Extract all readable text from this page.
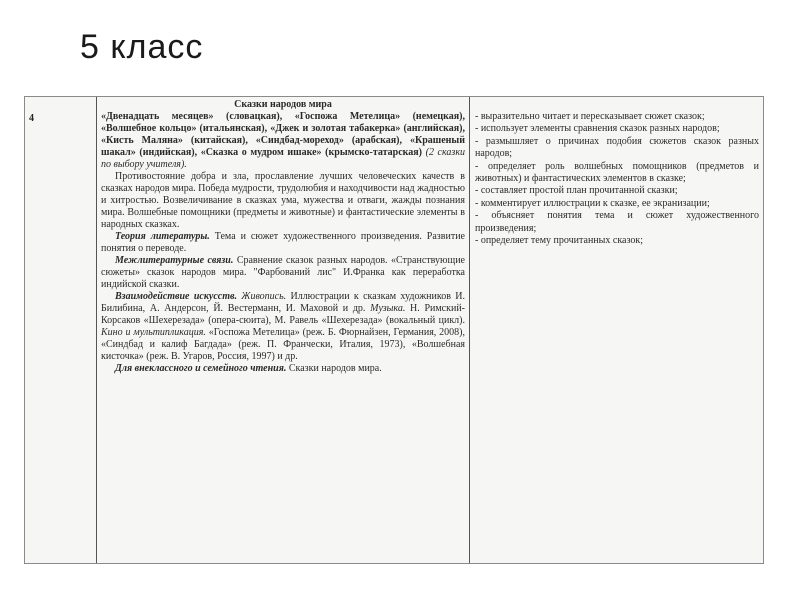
5 класс
4

Сказки народов мира

«Двенадцать месяцев» (словацкая), «Госпожа Метелица» (немецкая), «Волшебное кольцо» (итальянская), «Джек и золотая табакерка» (английская), «Кисть Маляна» (китайская), «Синдбад-мореход» (арабская), «Крашеный шакал» (индийская), «Сказка о мудром ишаке» (крымско-татарская) (2 сказки по выбору учителя).

Противостояние добра и зла, прославление лучших человеческих качеств в сказках народов мира. Победа мудрости, трудолюбия и находчивости над жадностью и хитростью. Возвеличивание в сказках ума, мужества и отваги, жажды познания мира. Волшебные помощники (предметы и животные) и фантастические элементы в народных сказках.

Теория литературы. Тема и сюжет художественного произведения. Развитие понятия о переводе.

Межлитературные связи. Сравнение сказок разных народов. «Странствующие сюжеты» сказок народов мира. "Фарбований лис" И.Франка как переработка индийской сказки.

Взаимодействие искусств. Живопись. Иллюстрации к сказкам художников И. Билибина, А. Андерсон, Й. Вестерманн, И. Маховой и др. Музыка. Н. Римский-Корсаков «Шехерезада» (опера-сюита), М. Равель «Шехерезада» (вокальный цикл). Кино и мультипликация. «Госпожа Метелица» (реж. Б. Фюрнайзен, Германия, 2008), «Синдбад и калиф Багдада» (реж. П. Франчески, Италия, 1973), «Волшебная кисточка» (реж. В. Угаров, Россия, 1997) и др.

Для внеклассного и семейного чтения. Сказки народов мира.

- выразительно читает и пересказывает сюжет сказок;

- использует элементы сравнения сказок разных народов;

- размышляет о причинах подобия сюжетов сказок разных народов;

- определяет роль волшебных помощников (предметов и животных) и фантастических элементов в сказке;

- составляет простой план прочитанной сказки;

- комментирует иллюстрации к сказке, ее экранизации;

- объясняет понятия тема и сюжет художественного произведения;

- определяет тему прочитанных сказок;
